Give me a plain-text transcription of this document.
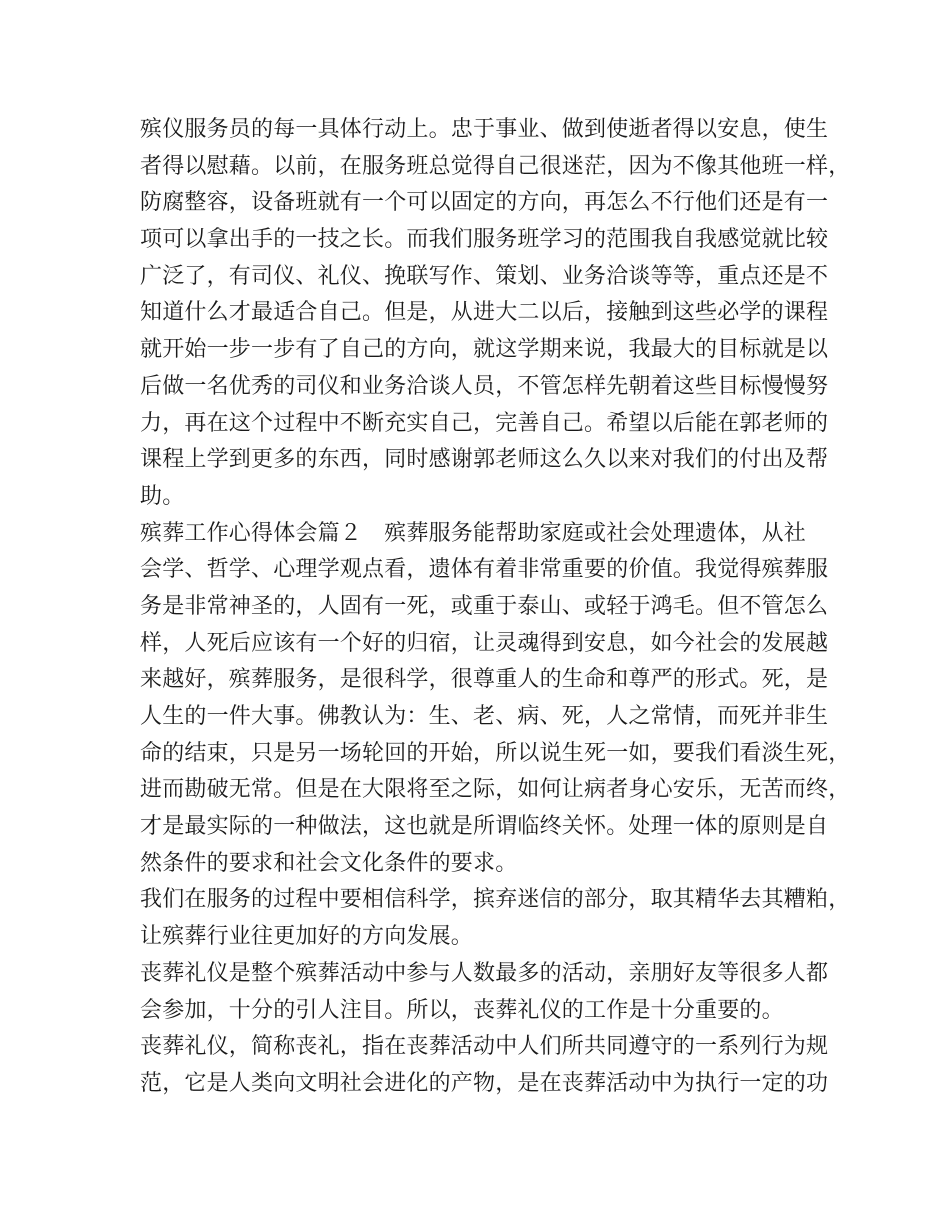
殡仪服务员的每一具体行动上。忠于事业、做到使逝者得以安息，使生
者得以慰藉。以前，在服务班总觉得自己很迷茫，因为不像其他班一样，
防腐整容，设备班就有一个可以固定的方向，再怎么不行他们还是有一
项可以拿出手的一技之长。而我们服务班学习的范围我自我感觉就比较
广泛了，有司仪、礼仪、挽联写作、策划、业务洽谈等等，重点还是不
知道什么才最适合自己。但是，从进大二以后，接触到这些必学的课程
就开始一步一步有了自己的方向，就这学期来说，我最大的目标就是以
后做一名优秀的司仪和业务洽谈人员，不管怎样先朝着这些目标慢慢努
力，再在这个过程中不断充实自己，完善自己。希望以后能在郭老师的
课程上学到更多的东西，同时感谢郭老师这么久以来对我们的付出及帮
助。
殡葬工作心得体会篇２　殡葬服务能帮助家庭或社会处理遗体，从社
会学、哲学、心理学观点看，遗体有着非常重要的价值。我觉得殡葬服
务是非常神圣的，人固有一死，或重于泰山、或轻于鸿毛。但不管怎么
样，人死后应该有一个好的归宿，让灵魂得到安息，如今社会的发展越
来越好，殡葬服务，是很科学，很尊重人的生命和尊严的形式。死，是
人生的一件大事。佛教认为：生、老、病、死，人之常情，而死并非生
命的结束，只是另一场轮回的开始，所以说生死一如，要我们看淡生死，
进而勘破无常。但是在大限将至之际，如何让病者身心安乐，无苦而终，
才是最实际的一种做法，这也就是所谓临终关怀。处理一体的原则是自
然条件的要求和社会文化条件的要求。
我们在服务的过程中要相信科学，摈弃迷信的部分，取其精华去其糟粕，
让殡葬行业往更加好的方向发展。
丧葬礼仪是整个殡葬活动中参与人数最多的活动，亲朋好友等很多人都
会参加，十分的引人注目。所以，丧葬礼仪的工作是十分重要的。
丧葬礼仪，简称丧礼，指在丧葬活动中人们所共同遵守的一系列行为规
范，它是人类向文明社会进化的产物，是在丧葬活动中为执行一定的功
